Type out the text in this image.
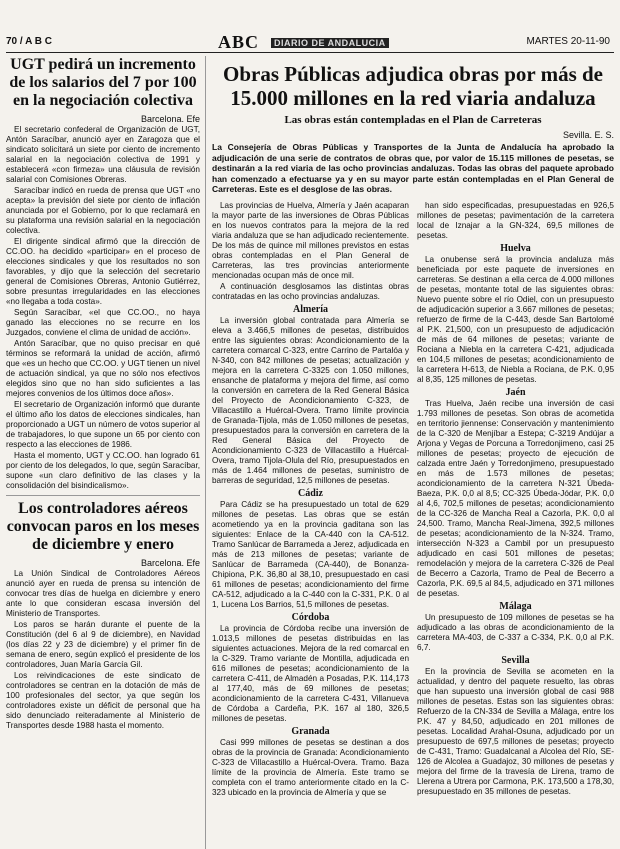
70 / A B C	ABC	DIARIO DE ANDALUCIA	MARTES 20-11-90
UGT pedirá un incremento de los salarios del 7 por 100 en la negociación colectiva
Barcelona. Efe

El secretario confederal de Organización de UGT, Antón Saracíbar, anunció ayer en Zaragoza que el sindicato solicitará un siete por ciento de incremento salarial en la negociación colectiva de 1991 y establecerá «con firmeza» una cláusula de revisión salarial con Comisiones Obreras.

Saracíbar indicó en rueda de prensa que UGT «no acepta» la previsión del siete por ciento de inflación anunciada por el Gobierno, por lo que reclamará en su plataforma una revisión salarial en la negociación colectiva.

El dirigente sindical afirmó que la dirección de CC.OO. ha decidido «participar» en el proceso de elecciones sindicales y que los resultados no son favorables, y dijo que la selección del secretario general de Comisiones Obreras, Antonio Gutiérrez, sobre presuntas irregularidades en las elecciones «no llegaba a toda costa».

Según Saracíbar, «el que CC.OO., no haya ganado las elecciones no se recurre en los Juzgados, conviene el clima de unidad de acción».

Antón Saracíbar, que no quiso precisar en qué términos se reformará la unidad de acción, afirmó que «es un hecho que CC.OO. y UGT tienen un nivel de actuación sindical, ya que no sólo nos efectivos elegidos sino que no han sido suficientes a las mejores convenios de los últimos doce años».

El secretario de Organización informó que durante el último año los datos de elecciones sindicales, han proporcionado a UGT un número de votos superior al de trabajadores, lo que supone un 65 por ciento con respecto a las elecciones de 1986.

Hasta el momento, UGT y CC.OO. han logrado 61 por ciento de los delegados, lo que, según Saracíbar, supone «un claro definitivo de las clases y la consolidación del bisindicalismo».

Los controladores aéreos convocan paros en los meses de diciembre y enero
Barcelona. Efe

La Unión Sindical de Controladores Aéreos anunció ayer en rueda de prensa su intención de convocar tres días de huelga en diciembre y enero ante lo que consideran escasa inversión del Ministerio de Transportes.

Los paros se harán durante el puente de la Constitución (del 6 al 9 de diciembre), en Navidad (los días 22 y 23 de diciembre) y el primer fin de semana de enero, según explicó el presidente de los controladores, Juan María García Gil.

Los reivindicaciones de este sindicato de controladores se centran en la dotación de más de 100 profesionales del sector, ya que según los controladores existe un déficit de personal que ha sido denunciado reiteradamente al Ministerio de Transportes desde 1988 hasta el momento.

Obras Públicas adjudica obras por más de 15.000 millones en la red viaria andaluza
Las obras están contempladas en el Plan de Carreteras
Sevilla. E. S.
La Consejería de Obras Públicas y Transportes de la Junta de Andalucía ha aprobado la adjudicación de una serie de contratos de obras que, por valor de 15.115 millones de pesetas, se destinarán a la red viaria de las ocho provincias andaluzas. Todas las obras del paquete aprobado han comenzado a efectuarse ya y en su mayor parte están contempladas en el Plan General de Carreteras. Este es el desglose de las obras.

Las provincias de Huelva, Almería y Jaén acaparan la mayor parte de las inversiones de Obras Públicas en los nuevos contratos para la mejora de la red viaria andaluza que se han adjudicado recientemente. De los más de quince mil millones previstos en estas obras contempladas en el Plan General de Carreteras, las tres provincias anteriormente mencionadas ocupan más de once mil.

A continuación desglosamos las distintas obras contratadas en las ocho provincias andaluzas.

Almería

La inversión global contratada para Almería se eleva a 3.466,5 millones de pesetas, distribuidos entre las siguientes obras: Acondicionamiento de la carretera comarcal C-323, entre Carrino de Partalóa y N-340, con 842 millones de pesetas; actualización y mejora en la carretera C-3325 con 1.050 millones, ensanche de plataforma y mejora del firme, así como la conversión en carretera de la Red General Básica del Proyecto de Acondicionamiento C-323, de Villacastillo a Huércal-Overa. Tramo límite provincia de Granada-Tijola, más de 1.050 millones de pesetas, presupuestados para la conversión en carretera de la Red General Básica del Proyecto de Acondicionamiento C-323 de Villacastillo a Huércal-Overa, tramo Tijola-Olula del Río, presupuestados en más de 1.464 millones de pesetas, suministro de barreras de seguridad, 12,5 millones de pesetas.

Cádiz

Para Cádiz se ha presupuestado un total de 629 millones de pesetas. Las obras que se están acometiendo ya en la provincia gaditana son las siguientes: Enlace de la CA-440 con la CA-512. Tramo Sanlúcar de Barrameda a Jerez, adjudicada en más de 213 millones de pesetas; variante de Sanlúcar de Barrameda (CA-440), de Bonanza-Chipiona, P.K. 36,80 al 38,10, presupuestado en casi 61 millones de pesetas; acondicionamiento del firme CA-512, adjudicado a la C-440 con la C-331, P.K. 0 al 1, Lucena Los Barrios, 51,5 millones de pesetas.

Córdoba

La provincia de Córdoba recibe una inversión de 1.013,5 millones de pesetas distribuidas en las siguientes actuaciones. Mejora de la red comarcal en la C-329. Tramo variante de Montilla, adjudicada en 616 millones de pesetas; acondicionamiento de la carretera C-411, de Almadén a Posadas, P.K. 114,173 al 177,40, más de 69 millones de pesetas; acondicionamiento de la carretera C-431, Villanueva de Córdoba a Cardeña, P.K. 167 al 180, 326,5 millones de pesetas.

Granada

Casi 999 millones de pesetas se destinan a dos obras de la provincia de Granada: Acondicionamiento C-323 de Villacastillo a Huércal-Overa. Tramo. Baza límite de la provincia de Almería. Este tramo se completa con el tramo anteriormente citado en la C-323 ubicado en la provincia de Almería y que se

han sido especificadas, presupuestadas en 926,5 millones de pesetas; pavimentación de la carretera local de Iznajar a la GN-324, 69,5 millones de pesetas.

Huelva

La onubense será la provincia andaluza más beneficiada por este paquete de inversiones en carreteras. Se destinan a ella cerca de 4.000 millones de pesetas, montante total de las siguientes obras: Nuevo puente sobre el río Odiel, con un presupuesto de adjudicación superior a 3.667 millones de pesetas; refuerzo de firme de la C-443, desde San Bartolomé al P.K. 21,500, con un presupuesto de adjudicación de más de 64 millones de pesetas; variante de Rociana a Niebla en la carretera C-421, adjudicada en 104,5 millones de pesetas; acondicionamiento de la carretera H-613, de Niebla a Rociana, de P.K. 0,95 al 8,35, 125 millones de pesetas.

Jaén

Tras Huelva, Jaén recibe una inversión de casi 1.793 millones de pesetas. Son obras de acometida en territorio jiennense: Conservación y mantenimiento de la C-320 de Menjíbar a Estepa; C-3219 Andújar a Arjona y Vegas de Porcuna a Torredonjimeno, casi 25 millones de pesetas; proyecto de ejecución de calzada entre Jaén y Torredonjimeno, presupuestado en más de 1.573 millones de pesetas; acondicionamiento de la carretera N-321 Úbeda-Baeza, P.K. 0,0 al 8,5; CC-325 Úbeda-Jódar, P.K. 0,0 al 4,6, 702,5 millones de pesetas; acondicionamiento de la CC-326 de Mancha Real a Cazorla, P.K. 0,0 al 24,500. Tramo, Mancha Real-Jimena, 392,5 millones de pesetas; acondicionamiento de la N-324. Tramo, intersección N-323 a Cambil por un presupuesto adjudicado en casi 501 millones de pesetas; remodelación y mejora de la carretera C-326 de Peal de Becerro a Cazorla, Tramo de Peal de Becerro a Cazorla, P.K. 69,5 al 84,5, adjudicado en 371 millones de pesetas.

Málaga

Un presupuesto de 109 millones de pesetas se ha adjudicado a las obras de acondicionamiento de la carretera MA-403, de C-337 a C-334, P.K. 0,0 al P.K. 6,7.

Sevilla

En la provincia de Sevilla se acometen en la actualidad, y dentro del paquete resuelto, las obras que han supuesto una inversión global de casi 988 millones de pesetas. Estas son las siguientes obras: Refuerzo de la CN-334 de Sevilla a Málaga, entre los P.K. 47 y 84,50, adjudicado en 201 millones de pesetas. Localidad Arahal-Osuna, adjudicado por un presupuesto de 697,5 millones de pesetas; proyecto de C-431, Tramo: Guadalcanal a Alcolea del Río, SE-126 de Alcolea a Guadajoz, 30 millones de pesetas y mejora del firme de la travesía de Lirena, tramo de Llerena a Utrera por Carmona, P.K. 173,500 a 178,30, presupuestado en 35 millones de pesetas.
